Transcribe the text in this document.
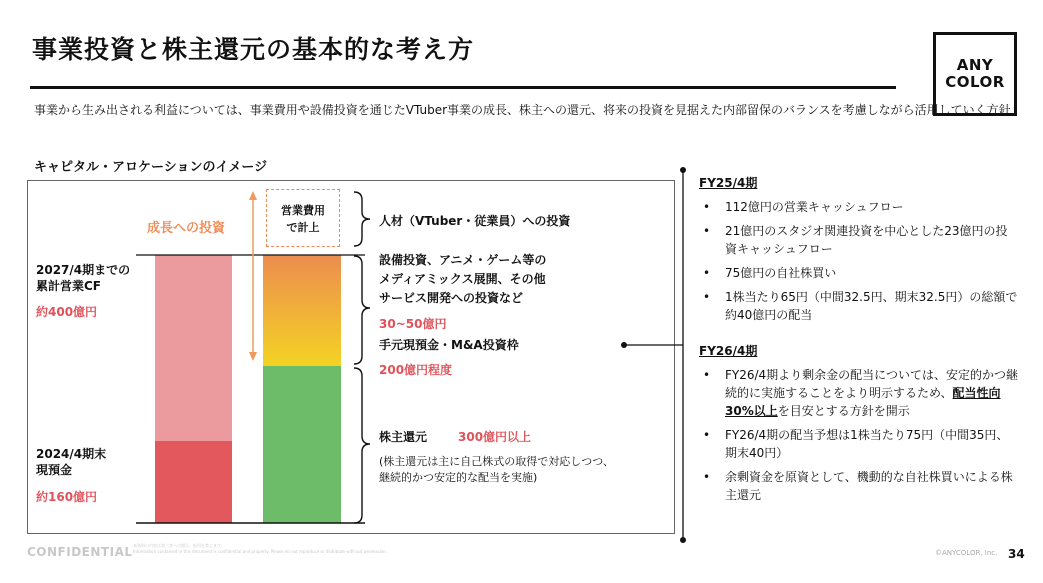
事業投資と株主還元の基本的な考え方
ANY
COLOR
事業から生み出される利益については、事業費用や設備投資を通じたVTuber事業の成長、株主への還元、将来の投資を見据えた内部留保のバランスを考慮しながら活用していく方針
キャピタル・アロケーションのイメージ
2027/4期までの
累計営業CF
約400億円
2024/4期末
現預金
約160億円
成長への投資
営業費用
で計上	人材（VTuber・従業員）への投資
設備投資、アニメ・ゲーム等の
メディアミックス展開、その他
サービス開発への投資など
30~50億円
手元現預金・M&A投資枠
200億円程度
株主還元	300億円以上
(株主還元は主に自己株式の取得で対応しつつ、継続的かつ安定的な配当を実施)
FY25/4期
• 112億円の営業キャッシュフロー
• 21億円のスタジオ関連投資を中心とした23億円の投資キャッシュフロー
• 75億円の自社株買い
• 1株当たり65円（中間32.5円、期末32.5円）の総額で約40億円の配当
FY26/4期
• FY26/4期より剰余金の配当については、安定的かつ継続的に実施することをより明示するため、配当性向30%以上を目安とする方針を開示
• FY26/4期の配当予想は1株当たり75円（中間35円、期末40円）
• 余剰資金を原資として、機動的な自社株買いによる株主還元
CONFIDENTIAL 本資料の内容は第三者への開示、転用を禁じます。
Information contained in this document is confidential and property. Please do not reproduce or distribute with out permission.	©ANYCOLOR, Inc. 34
